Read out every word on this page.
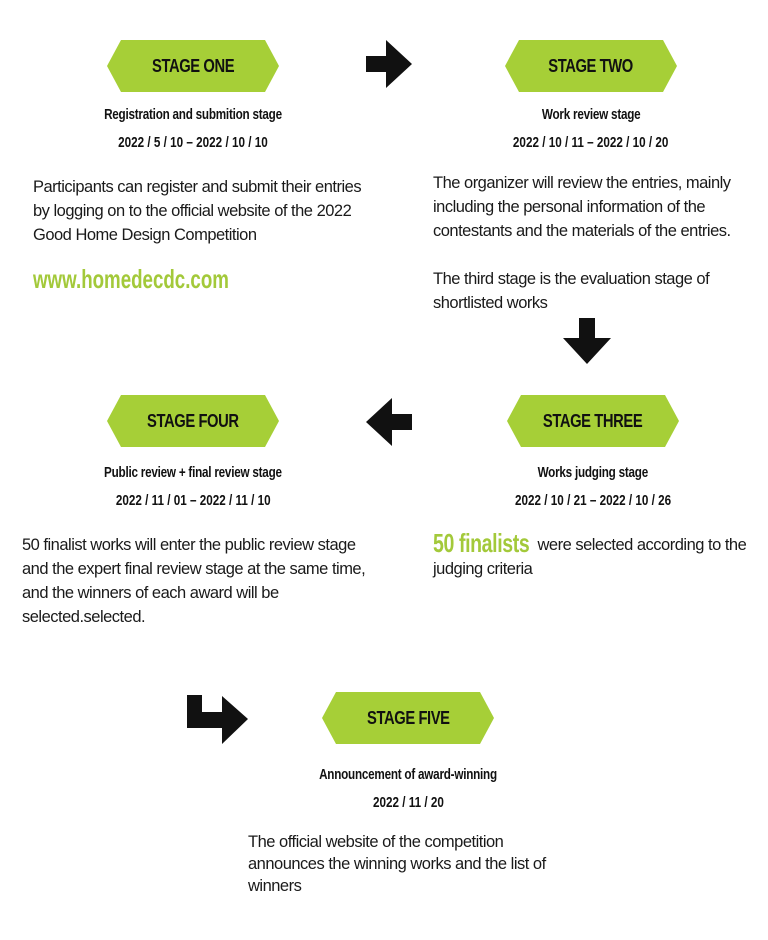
STAGE ONE
Registration and submition stage
2022 / 5 / 10 – 2022 / 10 / 10
Participants can register and submit their entries by logging on to the official website of the 2022 Good Home Design Competition
www.homedecdc.com
STAGE TWO
Work review stage
2022 / 10 / 11 – 2022 / 10 / 20
The organizer will review the entries, mainly including the personal information of the contestants and the materials of the entries.
The third stage is the evaluation stage of shortlisted works
STAGE FOUR
Public review + final review stage
2022 / 11 / 01 – 2022 / 11 / 10
50 finalist works will enter the public review stage and the expert final review stage at the same time, and the winners of each award will be selected.selected.
STAGE THREE
Works judging stage
2022 / 10 / 21 – 2022 / 10 / 26
50 finalists were selected according to the judging criteria
STAGE FIVE
Announcement of award-winning
2022 / 11 / 20
The official website of the competition announces the winning works and the list of winners
